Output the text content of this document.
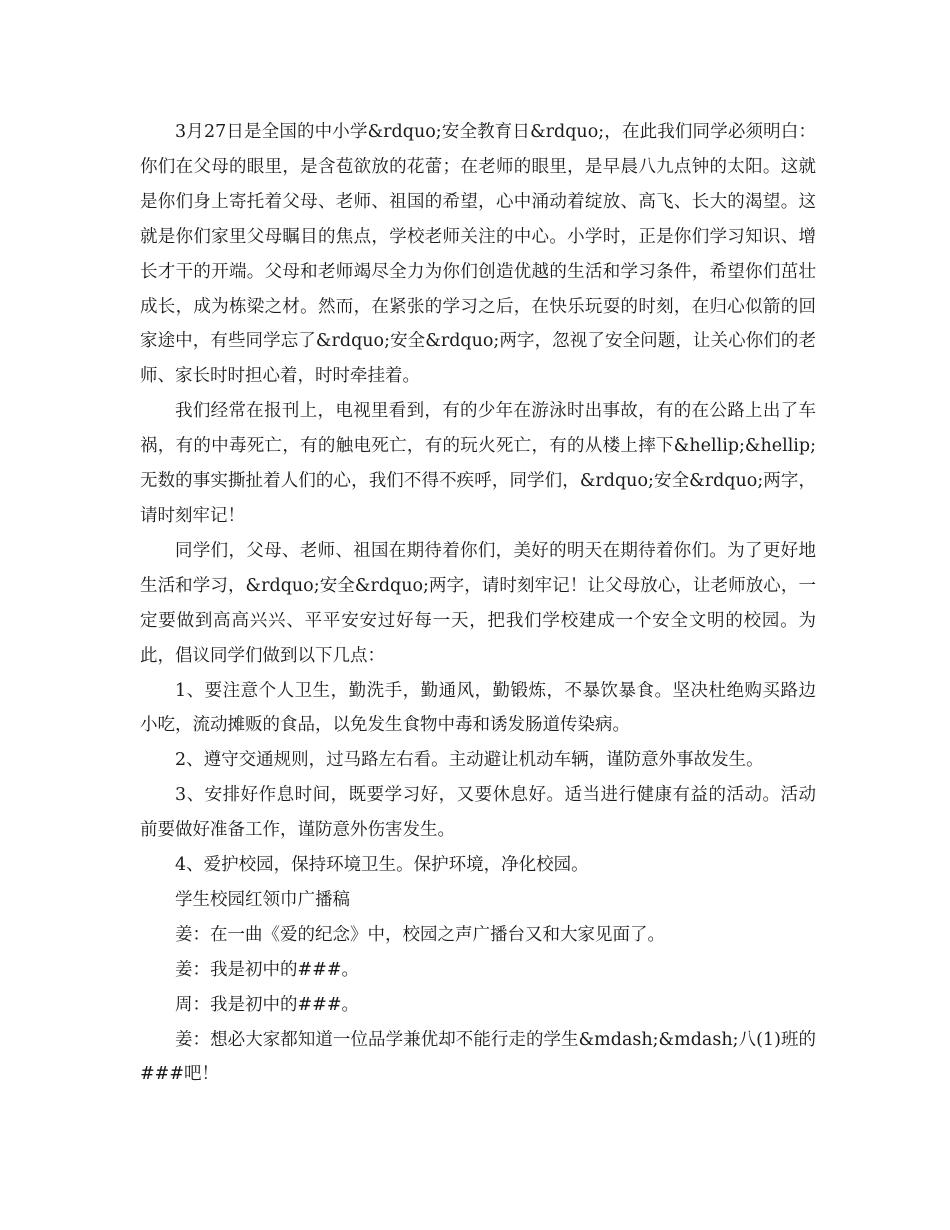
3月27日是全国的中小学&rdquo;安全教育日&rdquo;，在此我们同学必须明白：你们在父母的眼里，是含苞欲放的花蕾；在老师的眼里，是早晨八九点钟的太阳。这就是你们身上寄托着父母、老师、祖国的希望，心中涌动着绽放、高飞、长大的渴望。这就是你们家里父母瞩目的焦点，学校老师关注的中心。小学时，正是你们学习知识、增长才干的开端。父母和老师竭尽全力为你们创造优越的生活和学习条件，希望你们茁壮成长，成为栋梁之材。然而，在紧张的学习之后，在快乐玩耍的时刻，在归心似箭的回家途中，有些同学忘了&rdquo;安全&rdquo;两字，忽视了安全问题，让关心你们的老师、家长时时担心着，时时牵挂着。

我们经常在报刊上，电视里看到，有的少年在游泳时出事故，有的在公路上出了车祸，有的中毒死亡，有的触电死亡，有的玩火死亡，有的从楼上摔下&hellip;&hellip;无数的事实撕扯着人们的心，我们不得不疾呼，同学们，&rdquo;安全&rdquo;两字，请时刻牢记！

同学们，父母、老师、祖国在期待着你们，美好的明天在期待着你们。为了更好地生活和学习，&rdquo;安全&rdquo;两字，请时刻牢记！让父母放心，让老师放心，一定要做到高高兴兴、平平安安过好每一天，把我们学校建成一个安全文明的校园。为此，倡议同学们做到以下几点：

1、要注意个人卫生，勤洗手，勤通风，勤锻炼，不暴饮暴食。坚决杜绝购买路边小吃，流动摊贩的食品，以免发生食物中毒和诱发肠道传染病。

2、遵守交通规则，过马路左右看。主动避让机动车辆，谨防意外事故发生。

3、安排好作息时间，既要学习好，又要休息好。适当进行健康有益的活动。活动前要做好准备工作，谨防意外伤害发生。

4、爱护校园，保持环境卫生。保护环境，净化校园。

学生校园红领巾广播稿

姜：在一曲《爱的纪念》中，校园之声广播台又和大家见面了。

姜：我是初中的###。

周：我是初中的###。

姜：想必大家都知道一位品学兼优却不能行走的学生&mdash;&mdash;八(1)班的###吧！
